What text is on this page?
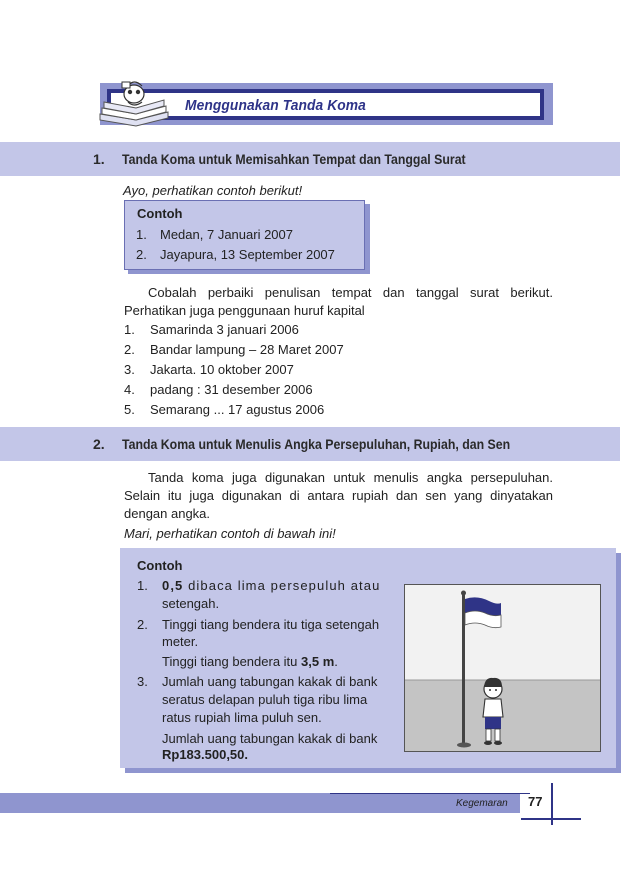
Menggunakan Tanda Koma
1. Tanda Koma untuk Memisahkan Tempat dan Tanggal Surat
Ayo, perhatikan contoh berikut!
Contoh
1. Medan, 7 Januari 2007
2. Jayapura, 13 September 2007
Cobalah perbaiki penulisan tempat dan tanggal surat berikut.
Perhatikan juga penggunaan huruf kapital
1. Samarinda 3 januari 2006
2. Bandar lampung – 28 Maret 2007
3. Jakarta. 10 oktober 2007
4. padang : 31 desember 2006
5. Semarang ... 17 agustus 2006
2. Tanda Koma untuk Menulis Angka Persepuluhan, Rupiah, dan Sen
Tanda koma juga digunakan untuk menulis angka persepuluhan.
Selain itu juga digunakan di antara rupiah dan sen yang dinyatakan
dengan angka.
Mari, perhatikan contoh di bawah ini!
Contoh
1. 0,5 dibaca lima persepuluh atau
setengah.
2. Tinggi tiang bendera itu tiga setengah
meter.
Tinggi tiang bendera itu 3,5 m.
3. Jumlah uang tabungan kakak di bank
seratus delapan puluh tiga ribu lima
ratus rupiah lima puluh sen.
Jumlah uang tabungan kakak di bank
Rp183.500,50.
Kegemaran 77
